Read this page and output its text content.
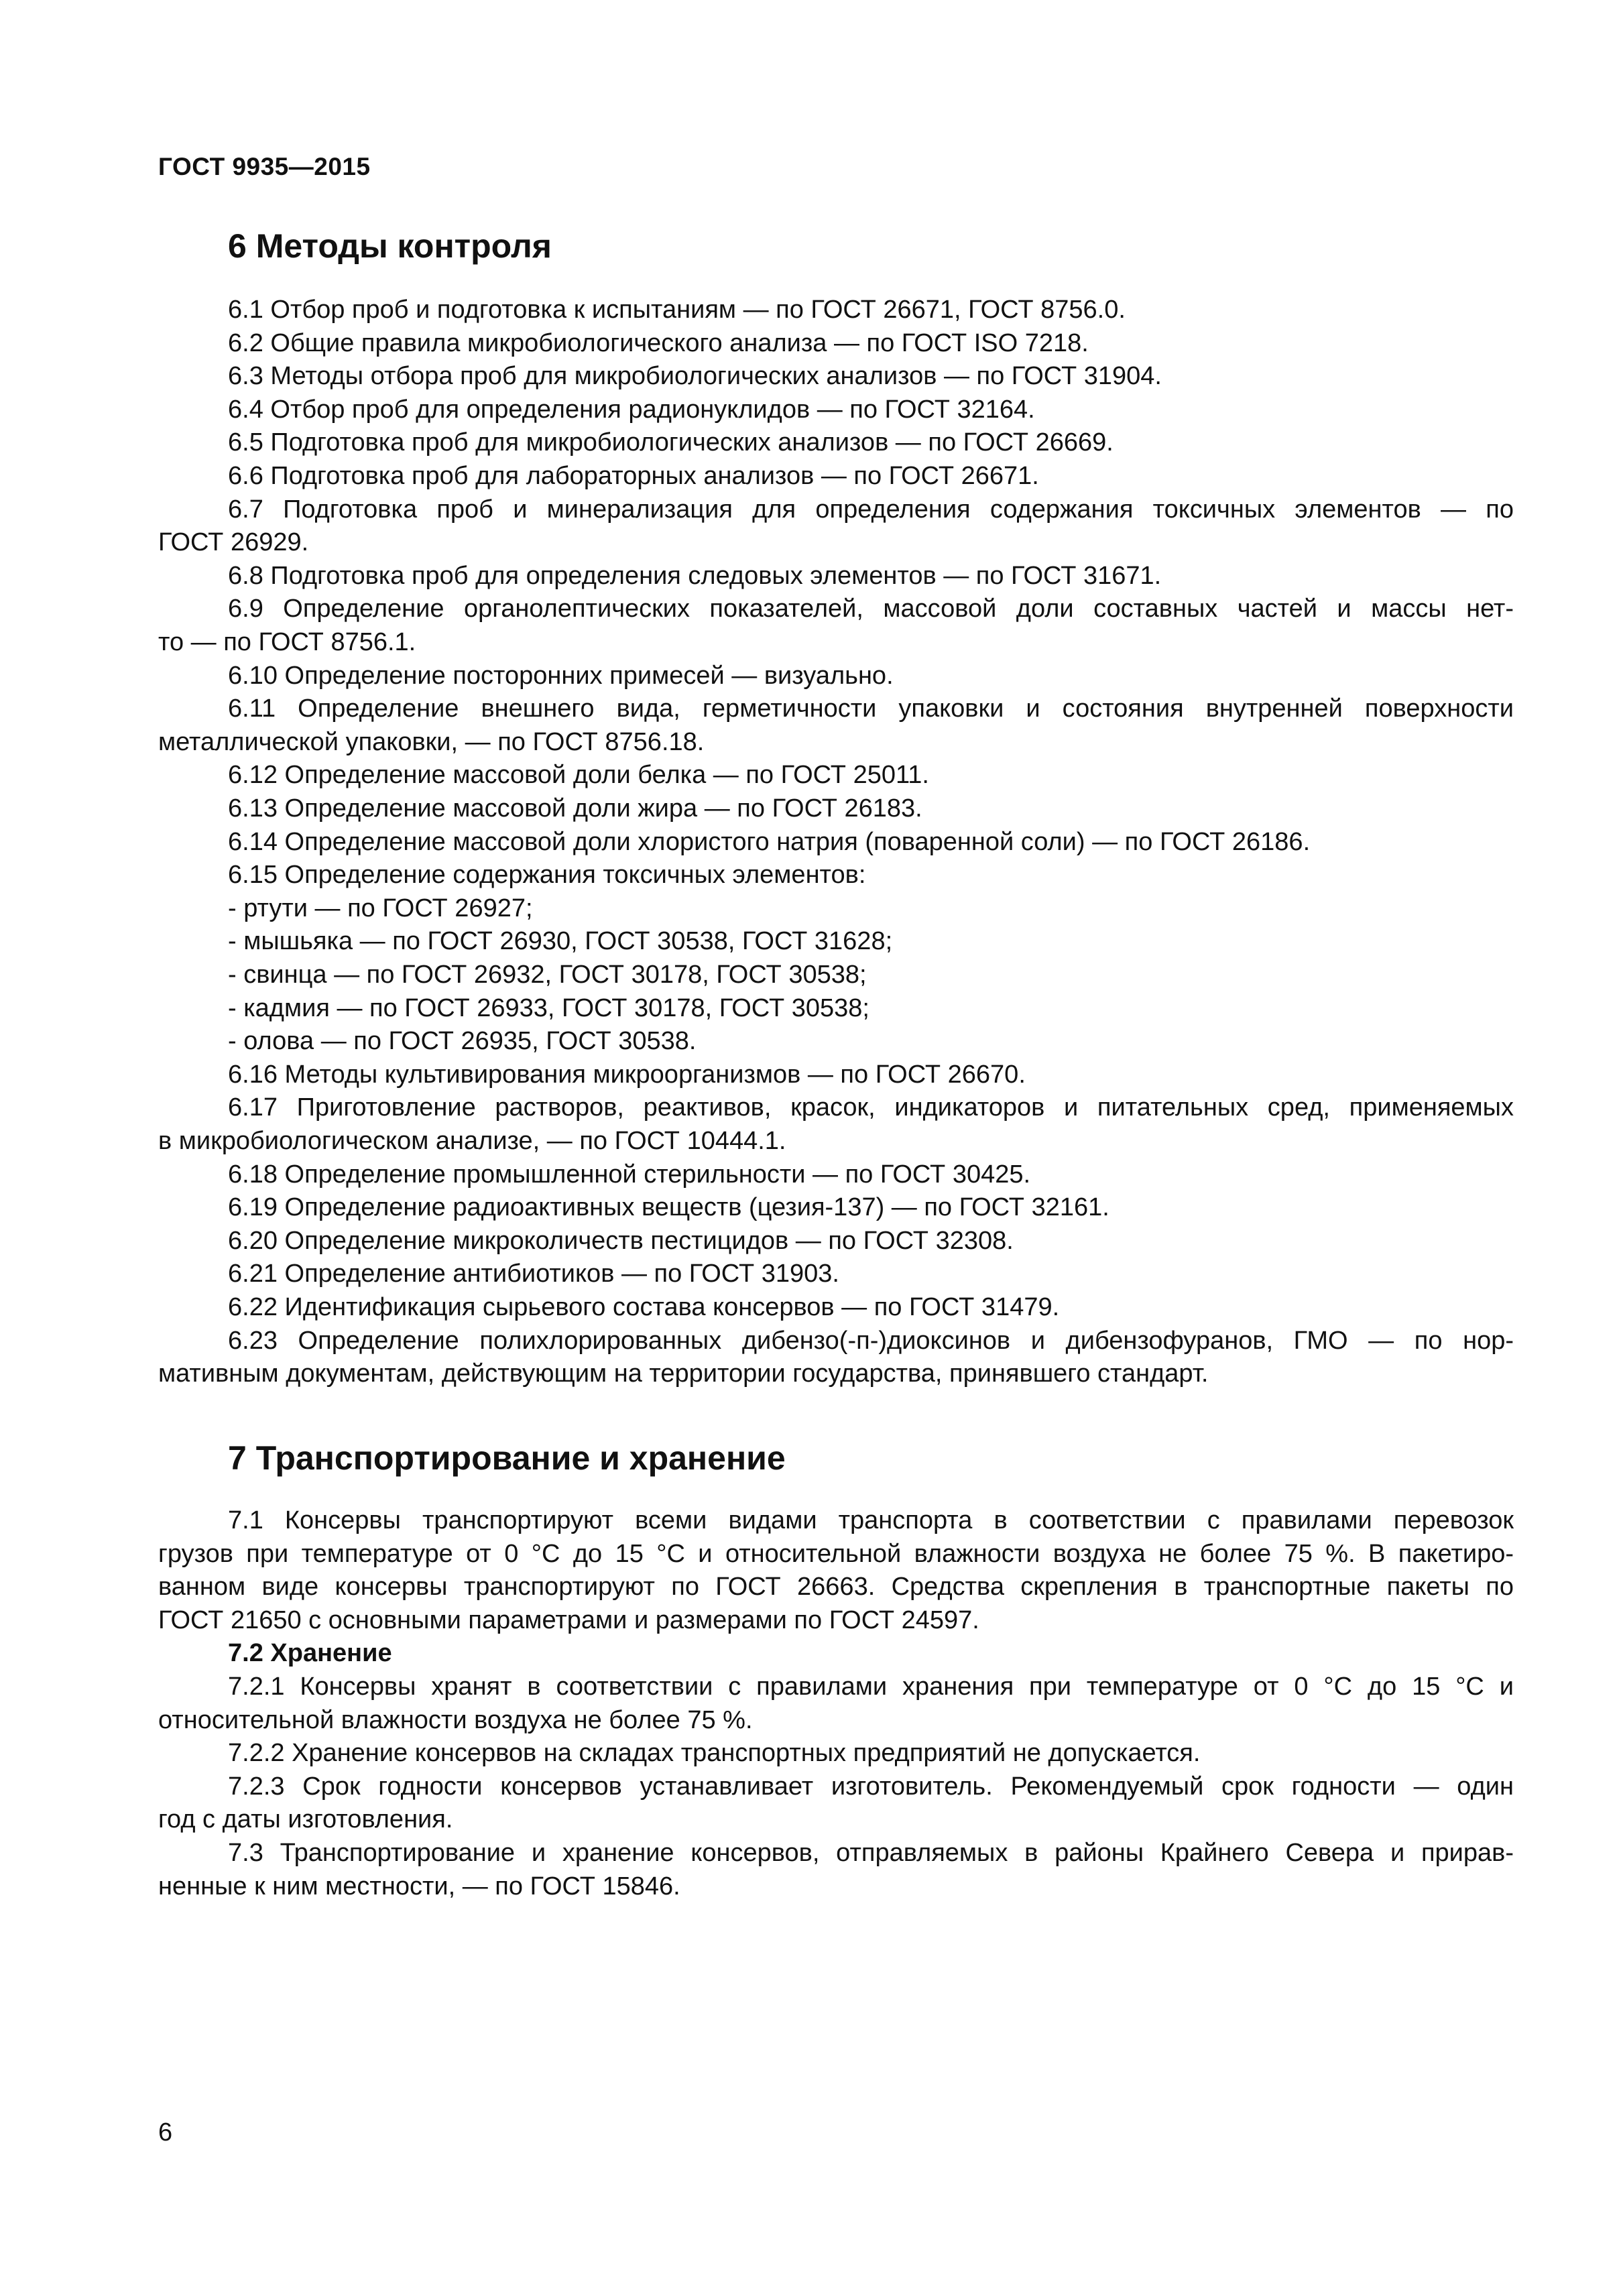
ГОСТ 9935—2015
6 Методы контроля
6.1 Отбор проб и подготовка к испытаниям — по ГОСТ 26671, ГОСТ 8756.0.
6.2 Общие правила микробиологического анализа — по ГОСТ ISO 7218.
6.3 Методы отбора проб для микробиологических анализов — по ГОСТ 31904.
6.4 Отбор проб для определения радионуклидов — по ГОСТ 32164.
6.5 Подготовка проб для микробиологических анализов — по ГОСТ 26669.
6.6 Подготовка проб для лабораторных анализов — по ГОСТ 26671.
6.7 Подготовка проб и минерализация для определения содержания токсичных элементов — по
ГОСТ 26929.
6.8 Подготовка проб для определения следовых элементов — по ГОСТ 31671.
6.9 Определение органолептических показателей, массовой доли составных частей и массы нет-
то — по ГОСТ 8756.1.
6.10 Определение посторонних примесей — визуально.
6.11 Определение внешнего вида, герметичности упаковки и состояния внутренней поверхности
металлической упаковки, — по ГОСТ 8756.18.
6.12 Определение массовой доли белка — по ГОСТ 25011.
6.13 Определение массовой доли жира — по ГОСТ 26183.
6.14 Определение массовой доли хлористого натрия (поваренной соли) — по ГОСТ 26186.
6.15 Определение содержания токсичных элементов:
- ртути — по ГОСТ 26927;
- мышьяка — по ГОСТ 26930, ГОСТ 30538, ГОСТ 31628;
- свинца — по ГОСТ 26932, ГОСТ 30178, ГОСТ 30538;
- кадмия — по ГОСТ 26933, ГОСТ 30178, ГОСТ 30538;
- олова — по ГОСТ 26935, ГОСТ 30538.
6.16 Методы культивирования микроорганизмов — по ГОСТ 26670.
6.17 Приготовление растворов, реактивов, красок, индикаторов и питательных сред, применяемых
в микробиологическом анализе, — по ГОСТ 10444.1.
6.18 Определение промышленной стерильности — по ГОСТ 30425.
6.19 Определение радиоактивных веществ (цезия-137) — по ГОСТ 32161.
6.20 Определение микроколичеств пестицидов — по ГОСТ 32308.
6.21 Определение антибиотиков — по ГОСТ 31903.
6.22 Идентификация сырьевого состава консервов — по ГОСТ 31479.
6.23 Определение полихлорированных дибензо(-п-)диоксинов и дибензофуранов, ГМО — по нор-
мативным документам, действующим на территории государства, принявшего стандарт.
7 Транспортирование и хранение
7.1 Консервы транспортируют всеми видами транспорта в соответствии с правилами перевозок
грузов при температуре от 0 °С до 15 °С и относительной влажности воздуха не более 75 %. В пакетиро-
ванном виде консервы транспортируют по ГОСТ 26663. Средства скрепления в транспортные пакеты по
ГОСТ 21650 с основными параметрами и размерами по ГОСТ 24597.
7.2 Хранение
7.2.1 Консервы хранят в соответствии с правилами хранения при температуре от 0 °С до 15 °С и
относительной влажности воздуха не более 75 %.
7.2.2 Хранение консервов на складах транспортных предприятий не допускается.
7.2.3 Срок годности консервов устанавливает изготовитель. Рекомендуемый срок годности — один
год с даты изготовления.
7.3 Транспортирование и хранение консервов, отправляемых в районы Крайнего Севера и прирав-
ненные к ним местности, — по ГОСТ 15846.
6
